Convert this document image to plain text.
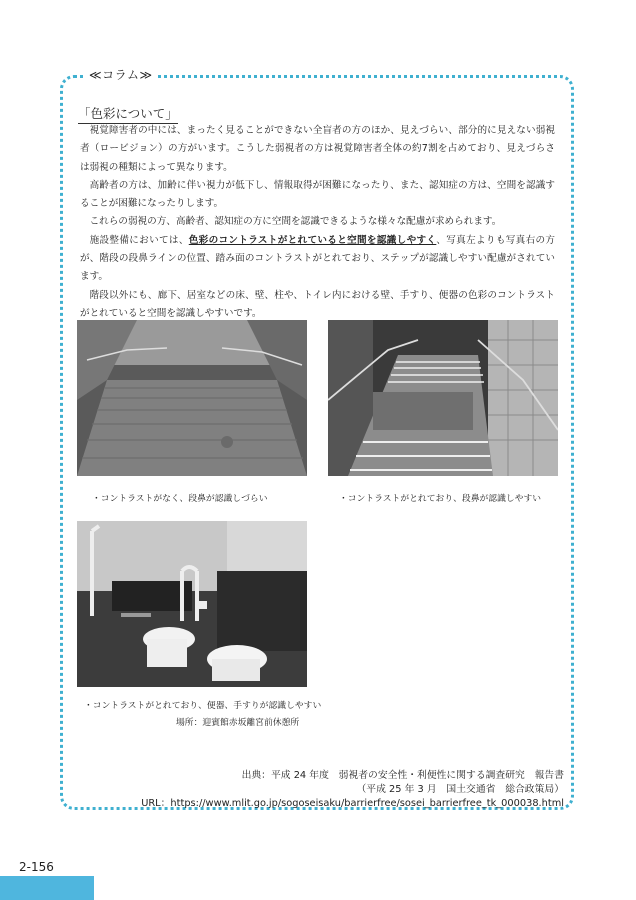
≪コラム≫
「色彩について」

視覚障害者の中には、まったく見ることができない全盲者の方のほか、見えづらい、部分的に見えない弱視者（ロービジョン）の方がいます。こうした弱視者の方は視覚障害者全体の約7割を占めており、見えづらさは弱視の種類によって異なります。

高齢者の方は、加齢に伴い視力が低下し、情報取得が困難になったり、また、認知症の方は、空間を認識することが困難になったりします。

これらの弱視の方、高齢者、認知症の方に空間を認識できるような様々な配慮が求められます。

施設整備においては、色彩のコントラストがとれていると空間を認識しやすく、写真左よりも写真右の方が、階段の段鼻ラインの位置、踏み面のコントラストがとれており、ステップが認識しやすい配慮がされています。

階段以外にも、廊下、居室などの床、壁、柱や、トイレ内における壁、手すり、便器の色彩のコントラストがとれていると空間を認識しやすいです。

・コントラストがなく、段鼻が認識しづらい	・コントラストがとれており、段鼻が認識しやすい
・コントラストがとれており、便器、手すりが認識しやすい
場所：迎賓館赤坂離宮前休憩所
出典：平成 24 年度　弱視者の安全性・利便性に関する調査研究　報告書
（平成 25 年 3 月　国土交通省　総合政策局）
URL：https://www.mlit.go.jp/sogoseisaku/barrierfree/sosei_barrierfree_tk_000038.html
2-156
